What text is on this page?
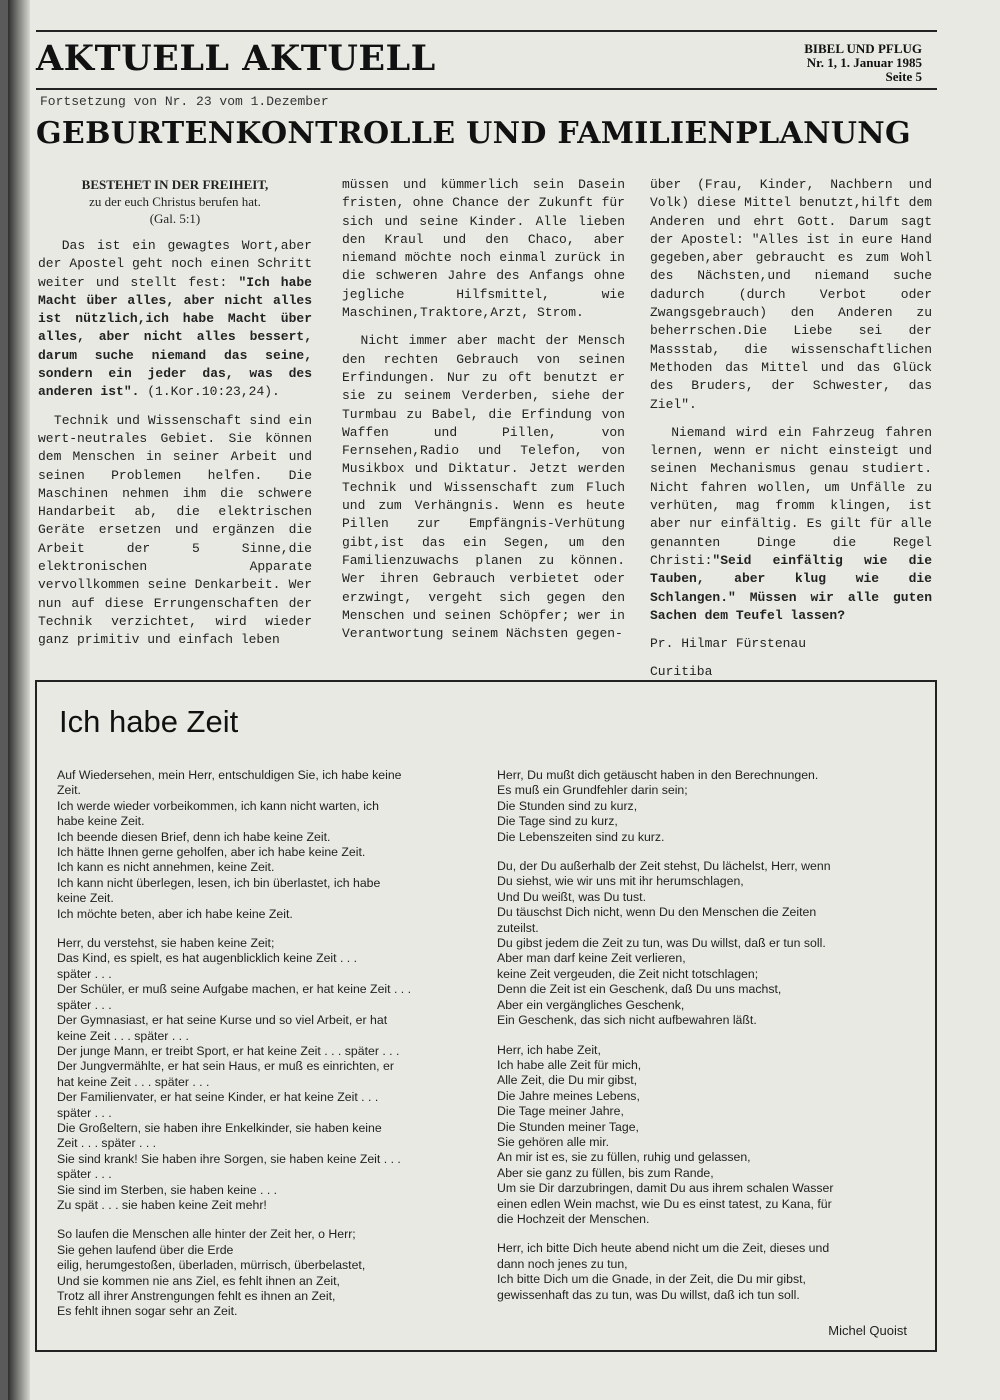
AKTUELL AKTUELL	BIBEL UND PFLUG
Nr. 1, 1. Januar 1985
Seite 5
Fortsetzung von Nr. 23 vom 1.Dezember
GEBURTENKONTROLLE UND FAMILIENPLANUNG
BESTEHET IN DER FREIHEIT,
zu der euch Christus berufen hat.
(Gal. 5:1)

Das ist ein gewagtes Wort,aber der Apostel geht noch einen Schritt weiter und stellt fest: "Ich habe Macht über alles, aber nicht alles ist nützlich,ich habe Macht über alles, aber nicht alles bessert, darum suche niemand das seine, sondern ein jeder das, was des anderen ist". (1.Kor.10:23,24).

Technik und Wissenschaft sind ein wert-neutrales Gebiet. Sie können dem Menschen in seiner Arbeit und seinen Problemen helfen. Die Maschinen nehmen ihm die schwere Handarbeit ab, die elektrischen Geräte ersetzen und ergänzen die Arbeit der 5 Sinne,die elektronischen Apparate vervollkommen seine Denkarbeit. Wer nun auf diese Errungenschaften der Technik verzichtet, wird wieder ganz primitiv und einfach leben

müssen und kümmerlich sein Dasein fristen, ohne Chance der Zukunft für sich und seine Kinder. Alle lieben den Kraul und den Chaco, aber niemand möchte noch einmal zurück in die schweren Jahre des Anfangs ohne jegliche Hilfsmittel, wie Maschinen,Traktore,Arzt, Strom.

Nicht immer aber macht der Mensch den rechten Gebrauch von seinen Erfindungen. Nur zu oft benutzt er sie zu seinem Verderben, siehe der Turmbau zu Babel, die Erfindung von Waffen und Pillen, von Fernsehen,Radio und Telefon, von Musikbox und Diktatur. Jetzt werden Technik und Wissenschaft zum Fluch und zum Verhängnis. Wenn es heute Pillen zur Empfängnis-Verhütung gibt,ist das ein Segen, um den Familienzuwachs planen zu können. Wer ihren Gebrauch verbietet oder erzwingt, vergeht sich gegen den Menschen und seinen Schöpfer; wer in Verantwortung seinem Nächsten gegen-

über (Frau, Kinder, Nachbern und Volk) diese Mittel benutzt,hilft dem Anderen und ehrt Gott. Darum sagt der Apostel: "Alles ist in eure Hand gegeben,aber gebraucht es zum Wohl des Nächsten,und niemand suche dadurch (durch Verbot oder Zwangsgebrauch) den Anderen zu beherrschen.Die Liebe sei der Massstab, die wissenschaftlichen Methoden das Mittel und das Glück des Bruders, der Schwester, das Ziel".

Niemand wird ein Fahrzeug fahren lernen, wenn er nicht einsteigt und seinen Mechanismus genau studiert. Nicht fahren wollen, um Unfälle zu verhüten, mag fromm klingen, ist aber nur einfältig. Es gilt für alle genannten Dinge die Regel Christi:"Seid einfältig wie die Tauben, aber klug wie die Schlangen." Müssen wir alle guten Sachen dem Teufel lassen?

Pr. Hilmar Fürstenau

Curitiba

Ich habe Zeit
Auf Wiedersehen, mein Herr, entschuldigen Sie, ich habe keine
Zeit.
Ich werde wieder vorbeikommen, ich kann nicht warten, ich
habe keine Zeit.
Ich beende diesen Brief, denn ich habe keine Zeit.
Ich hätte Ihnen gerne geholfen, aber ich habe keine Zeit.
Ich kann es nicht annehmen, keine Zeit.
Ich kann nicht überlegen, lesen, ich bin überlastet, ich habe
keine Zeit.
Ich möchte beten, aber ich habe keine Zeit.
Herr, du verstehst, sie haben keine Zeit;
Das Kind, es spielt, es hat augenblicklich keine Zeit . . .
später . . .
Der Schüler, er muß seine Aufgabe machen, er hat keine Zeit . . .
später . . .
Der Gymnasiast, er hat seine Kurse und so viel Arbeit, er hat
keine Zeit . . . später . . .
Der junge Mann, er treibt Sport, er hat keine Zeit . . . später . . .
Der Jungvermählte, er hat sein Haus, er muß es einrichten, er
hat keine Zeit . . . später . . .
Der Familienvater, er hat seine Kinder, er hat keine Zeit . . .
später . . .
Die Großeltern, sie haben ihre Enkelkinder, sie haben keine
Zeit . . . später . . .
Sie sind krank! Sie haben ihre Sorgen, sie haben keine Zeit . . .
später . . .
Sie sind im Sterben, sie haben keine . . .
Zu spät . . . sie haben keine Zeit mehr!
So laufen die Menschen alle hinter der Zeit her, o Herr;
Sie gehen laufend über die Erde
eilig, herumgestoßen, überladen, mürrisch, überbelastet,
Und sie kommen nie ans Ziel, es fehlt ihnen an Zeit,
Trotz all ihrer Anstrengungen fehlt es ihnen an Zeit,
Es fehlt ihnen sogar sehr an Zeit.
Herr, Du mußt dich getäuscht haben in den Berechnungen.
Es muß ein Grundfehler darin sein;
Die Stunden sind zu kurz,
Die Tage sind zu kurz,
Die Lebenszeiten sind zu kurz.
Du, der Du außerhalb der Zeit stehst, Du lächelst, Herr, wenn
Du siehst, wie wir uns mit ihr herumschlagen,
Und Du weißt, was Du tust.
Du täuschst Dich nicht, wenn Du den Menschen die Zeiten
zuteilst.
Du gibst jedem die Zeit zu tun, was Du willst, daß er tun soll.
Aber man darf keine Zeit verlieren,
keine Zeit vergeuden, die Zeit nicht totschlagen;
Denn die Zeit ist ein Geschenk, daß Du uns machst,
Aber ein vergängliches Geschenk,
Ein Geschenk, das sich nicht aufbewahren läßt.
Herr, ich habe Zeit,
Ich habe alle Zeit für mich,
Alle Zeit, die Du mir gibst,
Die Jahre meines Lebens,
Die Tage meiner Jahre,
Die Stunden meiner Tage,
Sie gehören alle mir.
An mir ist es, sie zu füllen, ruhig und gelassen,
Aber sie ganz zu füllen, bis zum Rande,
Um sie Dir darzubringen, damit Du aus ihrem schalen Wasser
einen edlen Wein machst, wie Du es einst tatest, zu Kana, für
die Hochzeit der Menschen.
Herr, ich bitte Dich heute abend nicht um die Zeit, dieses und
dann noch jenes zu tun,
Ich bitte Dich um die Gnade, in der Zeit, die Du mir gibst,
gewissenhaft das zu tun, was Du willst, daß ich tun soll.
Michel Quoist
